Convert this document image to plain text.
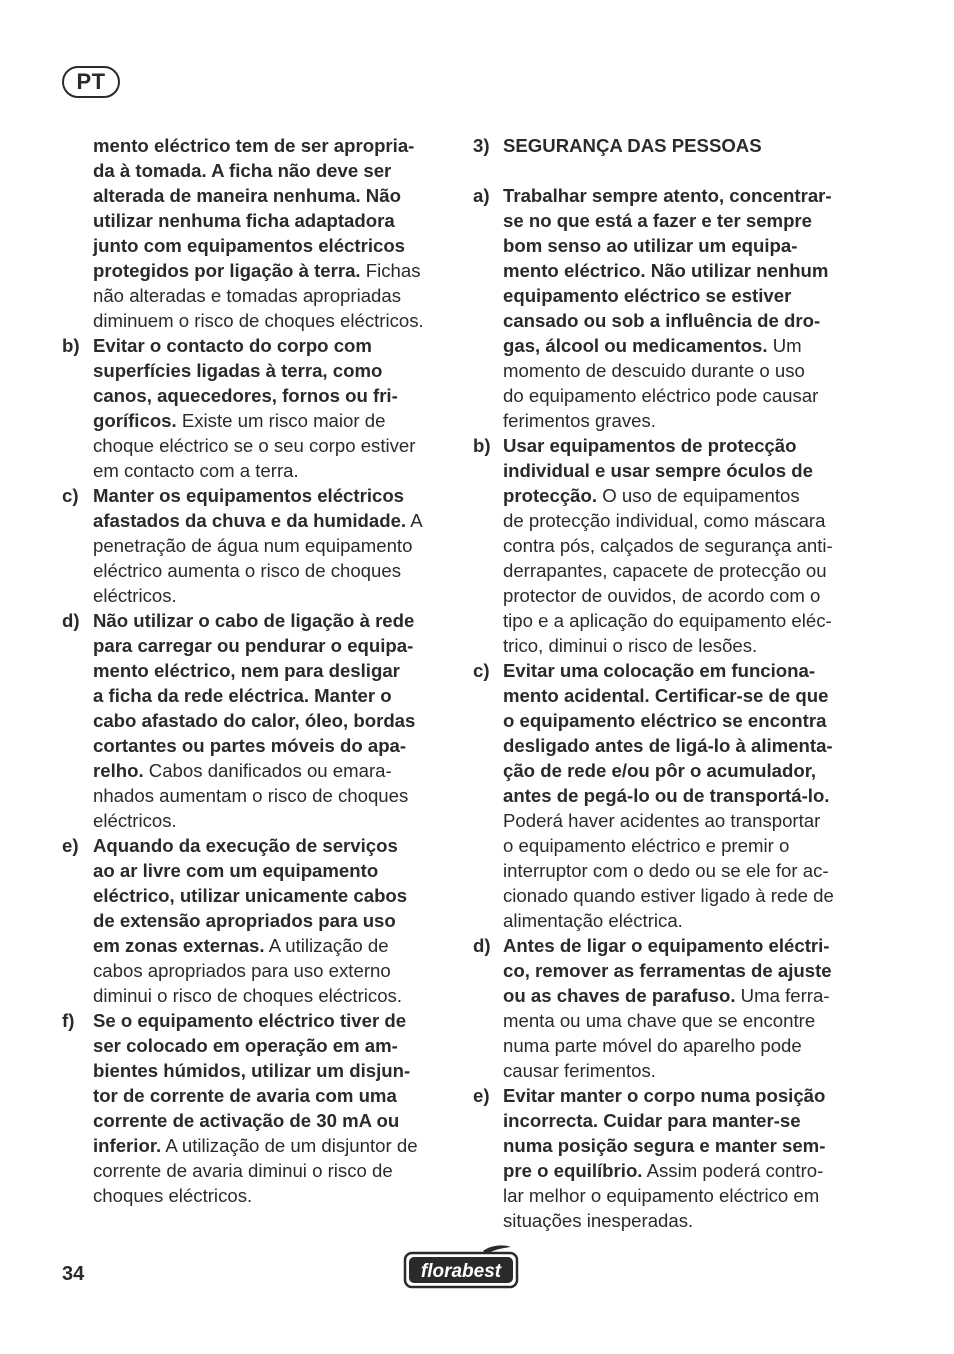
PT
mento eléctrico tem de ser apropria-
da à tomada. A ficha não deve ser
alterada de maneira nenhuma. Não
utilizar nenhuma ficha adaptadora
junto com equipamentos eléctricos
protegidos por ligação à terra. Fichas
não alteradas e tomadas apropriadas
diminuem o risco de choques eléctricos.
b) Evitar o contacto do corpo com
superfícies ligadas à terra, como
canos, aquecedores, fornos ou fri-
goríficos. Existe um risco maior de
choque eléctrico se o seu corpo estiver
em contacto com a terra.
c) Manter os equipamentos eléctricos
afastados da chuva e da humidade. A
penetração de água num equipamento
eléctrico aumenta o risco de choques
eléctricos.
d) Não utilizar o cabo de ligação à rede
para carregar ou pendurar o equipa-
mento eléctrico, nem para desligar
a ficha da rede eléctrica. Manter o
cabo afastado do calor, óleo, bordas
cortantes ou partes móveis do apa-
relho. Cabos danificados ou emara-
nhados aumentam o risco de choques
eléctricos.
e) Aquando da execução de serviços
ao ar livre com um equipamento
eléctrico, utilizar unicamente cabos
de extensão apropriados para uso
em zonas externas. A utilização de
cabos apropriados para uso externo
diminui o risco de choques eléctricos.
f) Se o equipamento eléctrico tiver de
ser colocado em operação em am-
bientes húmidos, utilizar um disjun-
tor de corrente de avaria com uma
corrente de activação de 30 mA ou
inferior. A utilização de um disjuntor de
corrente de avaria diminui o risco de
choques eléctricos.
3) SEGURANÇA DAS PESSOAS
a) Trabalhar sempre atento, concentrar-
se no que está a fazer e ter sempre
bom senso ao utilizar um equipa-
mento eléctrico. Não utilizar nenhum
equipamento eléctrico se estiver
cansado ou sob a influência de dro-
gas, álcool ou medicamentos. Um
momento de descuido durante o uso
do equipamento eléctrico pode causar
ferimentos graves.
b) Usar equipamentos de protecção
individual e usar sempre óculos de
protecção. O uso de equipamentos
de protecção individual, como máscara
contra pós, calçados de segurança anti-
derrapantes, capacete de protecção ou
protector de ouvidos, de acordo com o
tipo e a aplicação do equipamento eléc-
trico, diminui o risco de lesões.
c) Evitar uma colocação em funciona-
mento acidental. Certificar-se de que
o equipamento eléctrico se encontra
desligado antes de ligá-lo à alimenta-
ção de rede e/ou pôr o acumulador,
antes de pegá-lo ou de transportá-lo.
Poderá haver acidentes ao transportar
o equipamento eléctrico e premir o
interruptor com o dedo ou se ele for ac-
cionado quando estiver ligado à rede de
alimentação eléctrica.
d) Antes de ligar o equipamento eléctri-
co, remover as ferramentas de ajuste
ou as chaves de parafuso. Uma ferra-
menta ou uma chave que se encontre
numa parte móvel do aparelho pode
causar ferimentos.
e) Evitar manter o corpo numa posição
incorrecta. Cuidar para manter-se
numa posição segura e manter sem-
pre o equilíbrio. Assim poderá contro-
lar melhor o equipamento eléctrico em
situações inesperadas.
34	florabest
